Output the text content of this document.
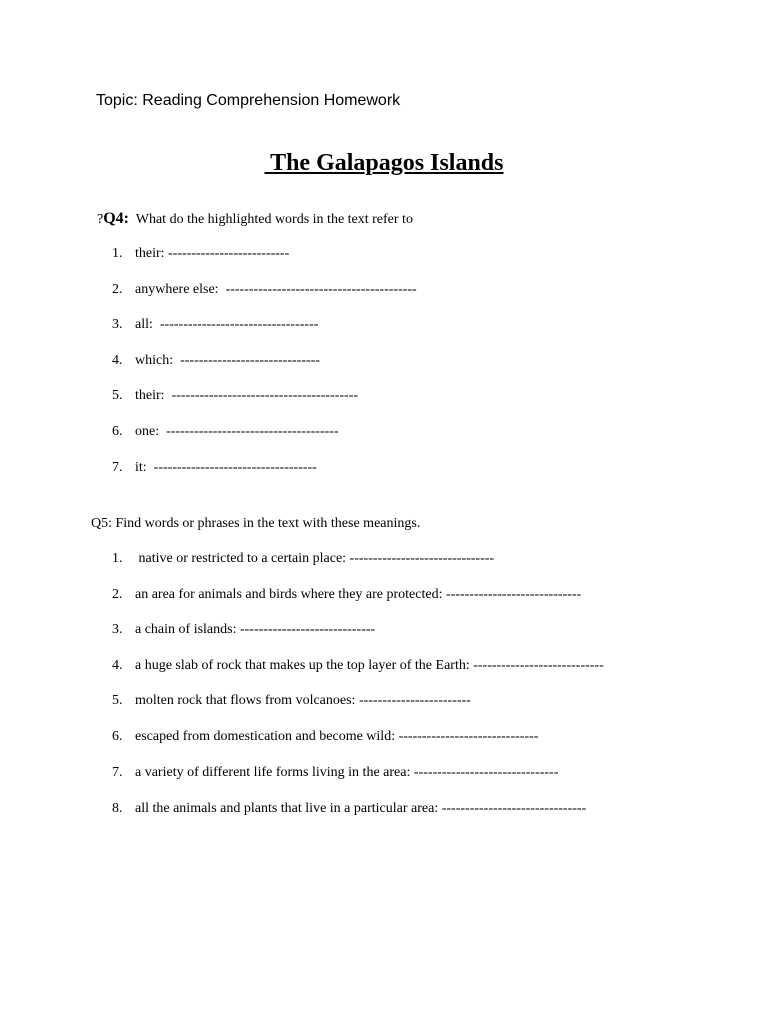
Topic: Reading Comprehension Homework
The Galapagos Islands
?Q4:  What do the highlighted words in the text refer to
1. their: --------------------------
2. anywhere else:  -----------------------------------------
3. all:  ----------------------------------
4. which:  ------------------------------
5. their:  ----------------------------------------
6. one:  -------------------------------------
7. it:  -----------------------------------
Q5: Find words or phrases in the text with these meanings.
1. native or restricted to a certain place: -------------------------------
2. an area for animals and birds where they are protected: -----------------------------
3. a chain of islands: -----------------------------
4. a huge slab of rock that makes up the top layer of the Earth: ----------------------------
5. molten rock that flows from volcanoes: ------------------------
6. escaped from domestication and become wild: ------------------------------
7. a variety of different life forms living in the area: -------------------------------
8. all the animals and plants that live in a particular area: -------------------------------
